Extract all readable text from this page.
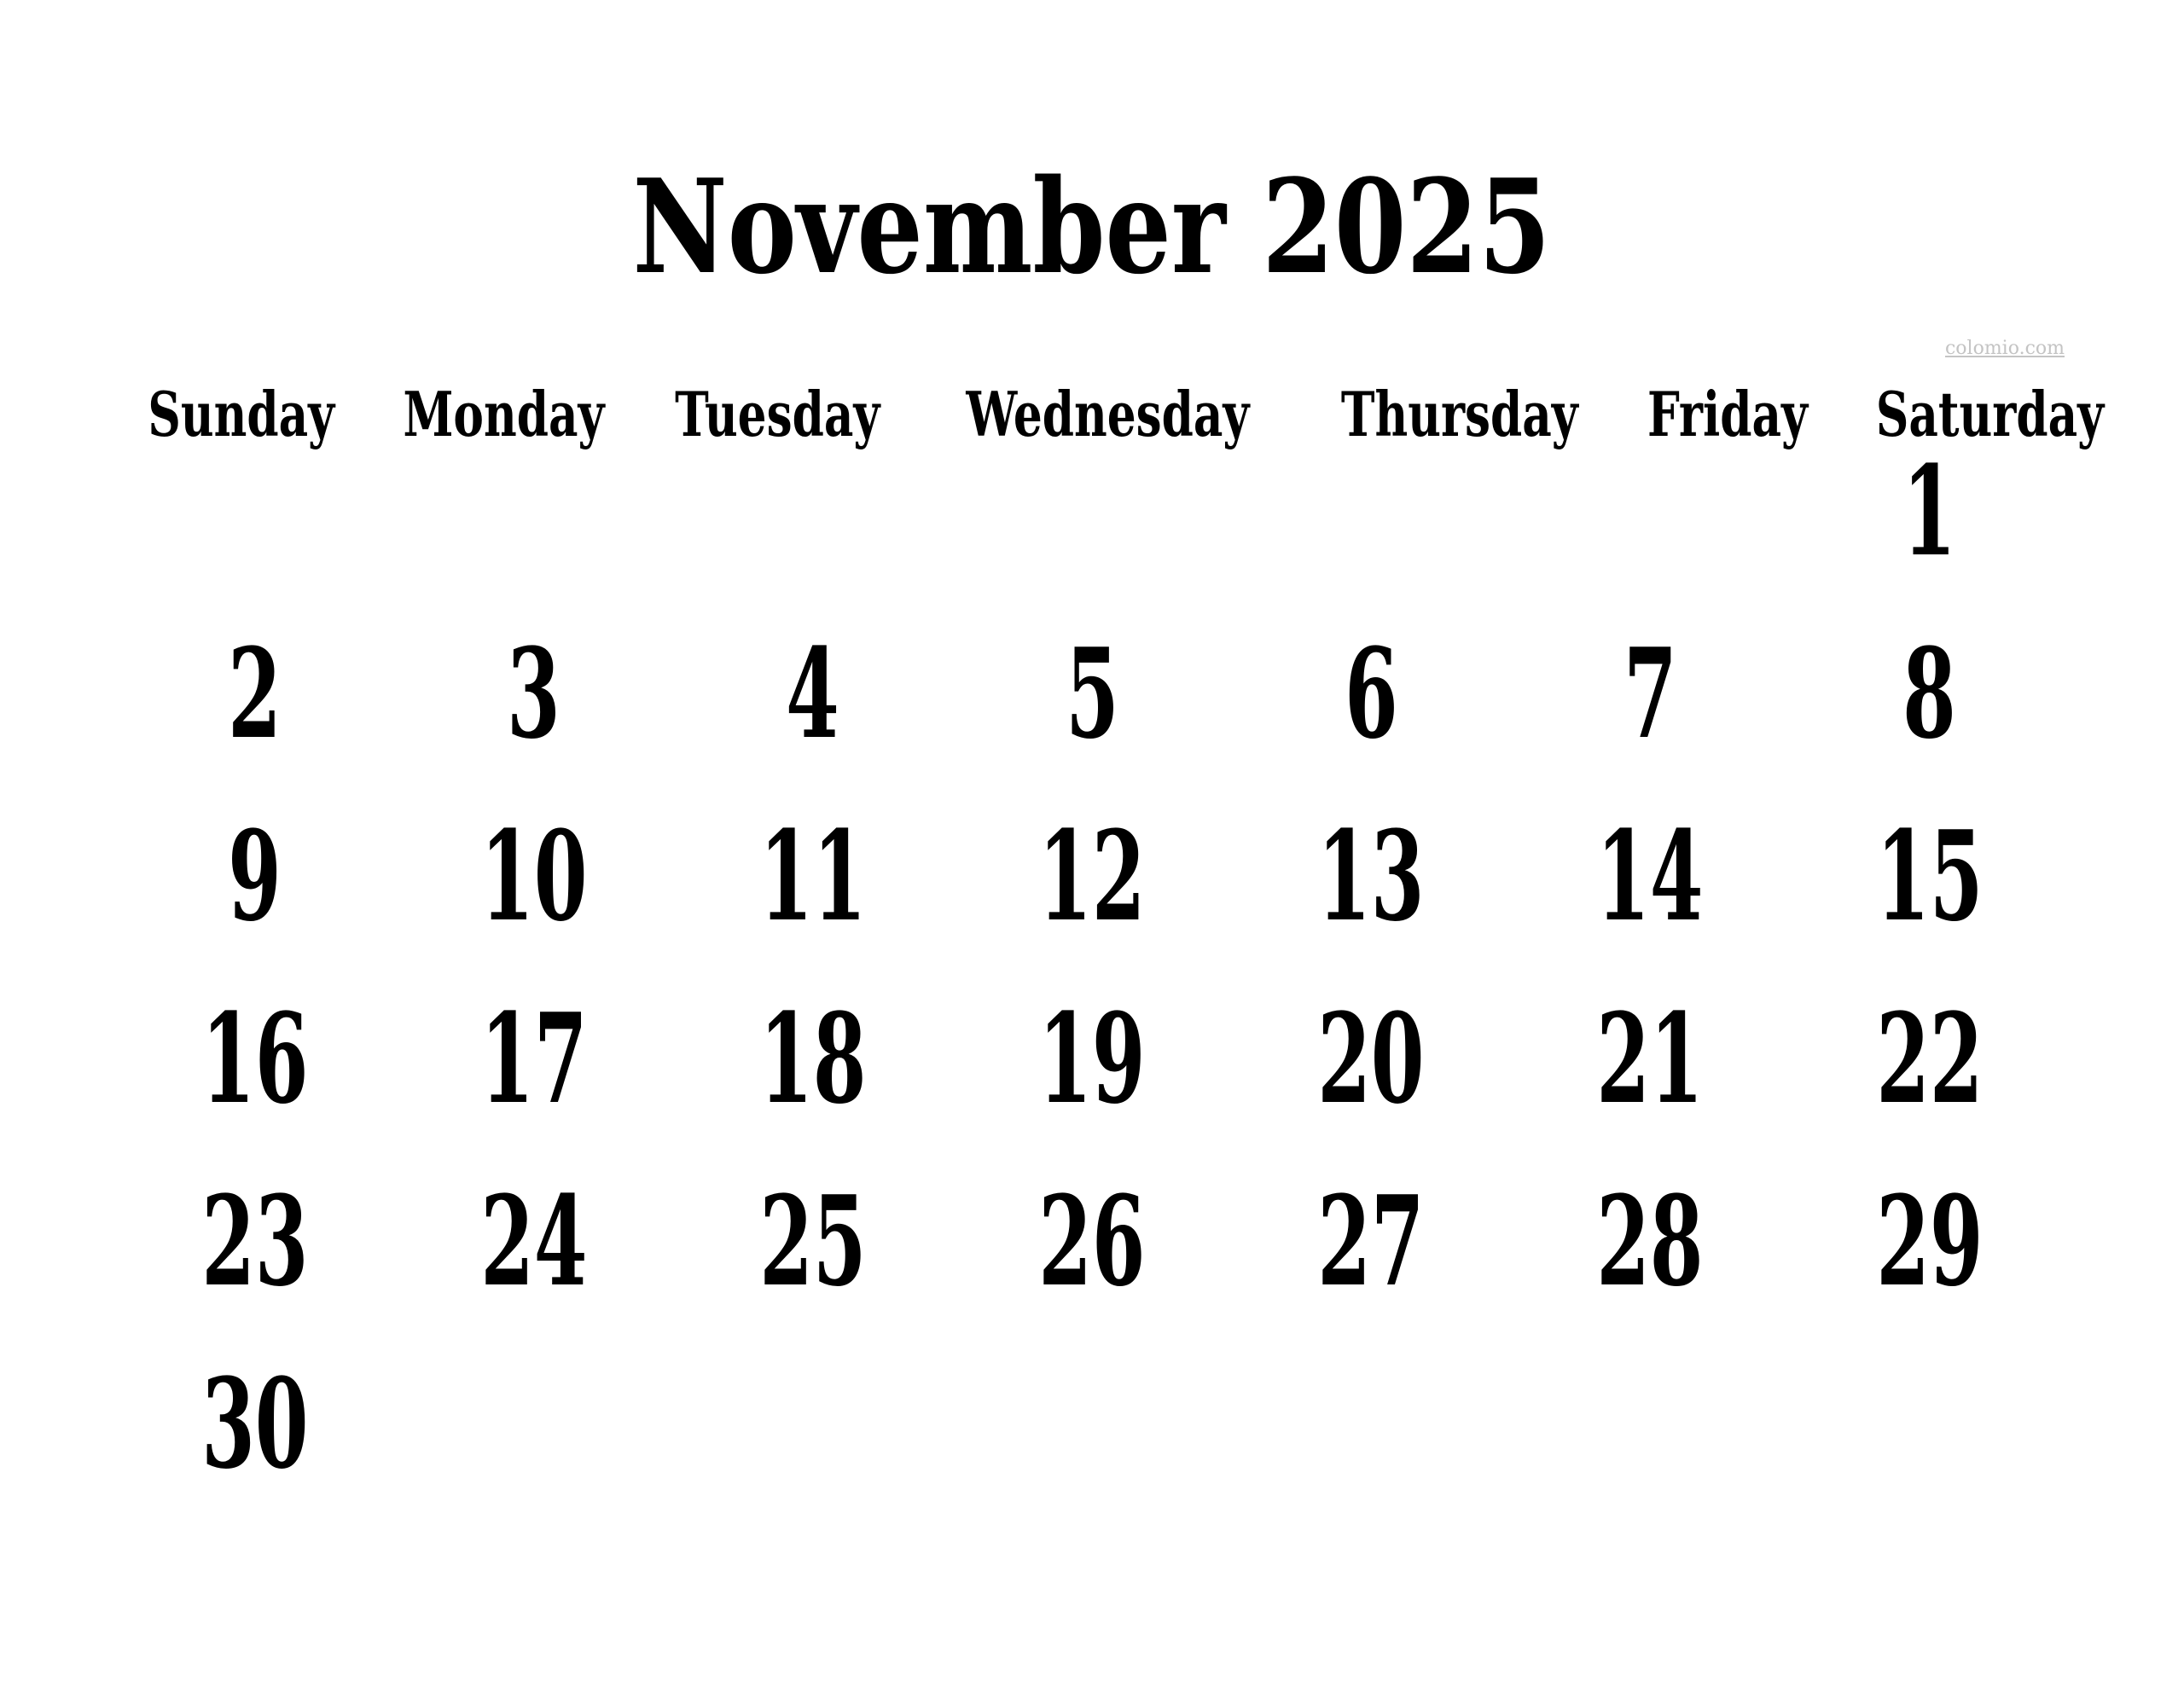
November 2025
colomio.com
Sunday Monday Tuesday Wednesday Thursday Friday Saturday
1
2 3 4 5 6 7 8
9 10 11 12 13 14 15
16 17 18 19 20 21 22
23 24 25 26 27 28 29
30
